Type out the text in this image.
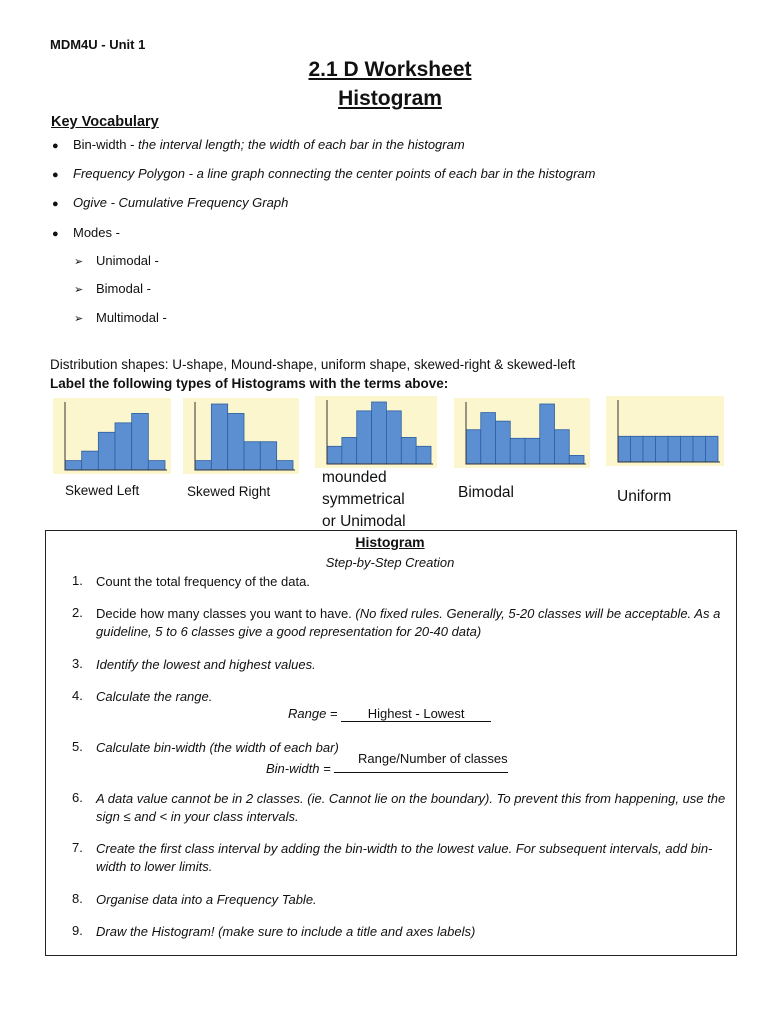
MDM4U - Unit 1
2.1 D Worksheet
Histogram
Key Vocabulary
● Bin-width - the interval length; the width of each bar in the histogram
● Frequency Polygon - a line graph connecting the center points of each bar in the histogram
● Ogive - Cumulative Frequency Graph
● Modes -
➢ Unimodal -
➢ Bimodal -
➢ Multimodal -
Distribution shapes: U-shape, Mound-shape, uniform shape, skewed-right & skewed-left
Label the following types of Histograms with the terms above:
Skewed Left	Skewed Right
mounded
symmetrical
or Unimodal
Bimodal	Uniform
Histogram
Step-by-Step Creation
1. Count the total frequency of the data.
2. Decide how many classes you want to have. (No fixed rules. Generally, 5-20 classes will be acceptable. As a guideline, 5 to 6 classes give a good representation for 20-40 data)
3. Identify the lowest and highest values.
4. Calculate the range.
Range = Highest - Lowest
5. Calculate bin-width (the width of each bar)
Bin-width =
Range/Number of classes
6. A data value cannot be in 2 classes. (ie. Cannot lie on the boundary). To prevent this from happening, use the sign ≤ and < in your class intervals.
7. Create the first class interval by adding the bin-width to the lowest value. For subsequent intervals, add bin-width to lower limits.
8. Organise data into a Frequency Table.
9. Draw the Histogram! (make sure to include a title and axes labels)
